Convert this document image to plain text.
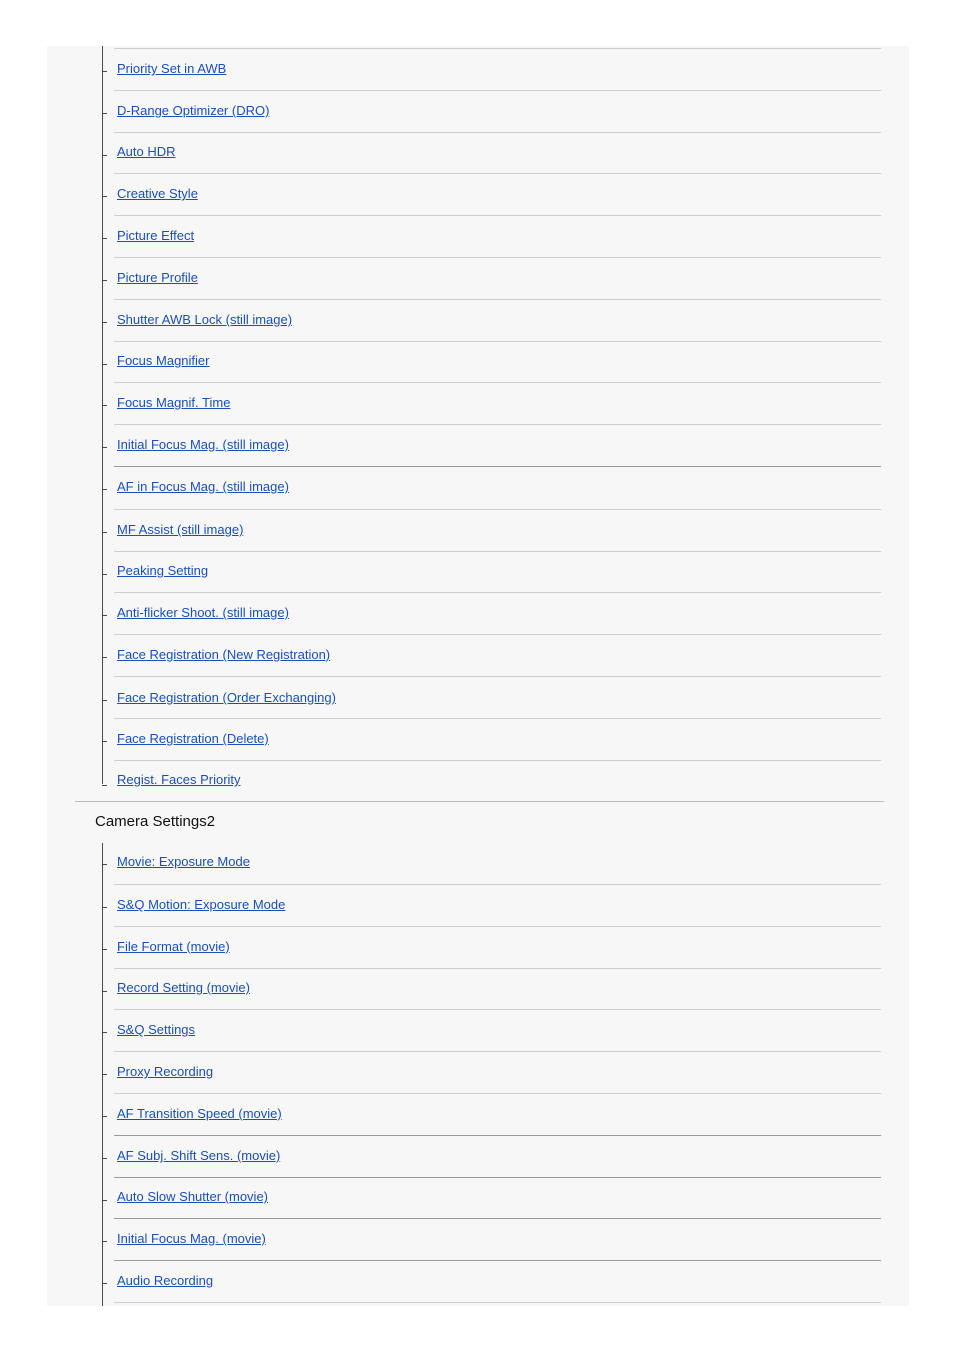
Priority Set in AWB
D-Range Optimizer (DRO)
Auto HDR
Creative Style
Picture Effect
Picture Profile
Shutter AWB Lock (still image)
Focus Magnifier
Focus Magnif. Time
Initial Focus Mag. (still image)
AF in Focus Mag. (still image)
MF Assist (still image)
Peaking Setting
Anti-flicker Shoot. (still image)
Face Registration (New Registration)
Face Registration (Order Exchanging)
Face Registration (Delete)
Regist. Faces Priority
Camera Settings2
Movie: Exposure Mode
S&Q Motion: Exposure Mode
File Format (movie)
Record Setting (movie)
S&Q Settings
Proxy Recording
AF Transition Speed (movie)
AF Subj. Shift Sens. (movie)
Auto Slow Shutter (movie)
Initial Focus Mag. (movie)
Audio Recording
